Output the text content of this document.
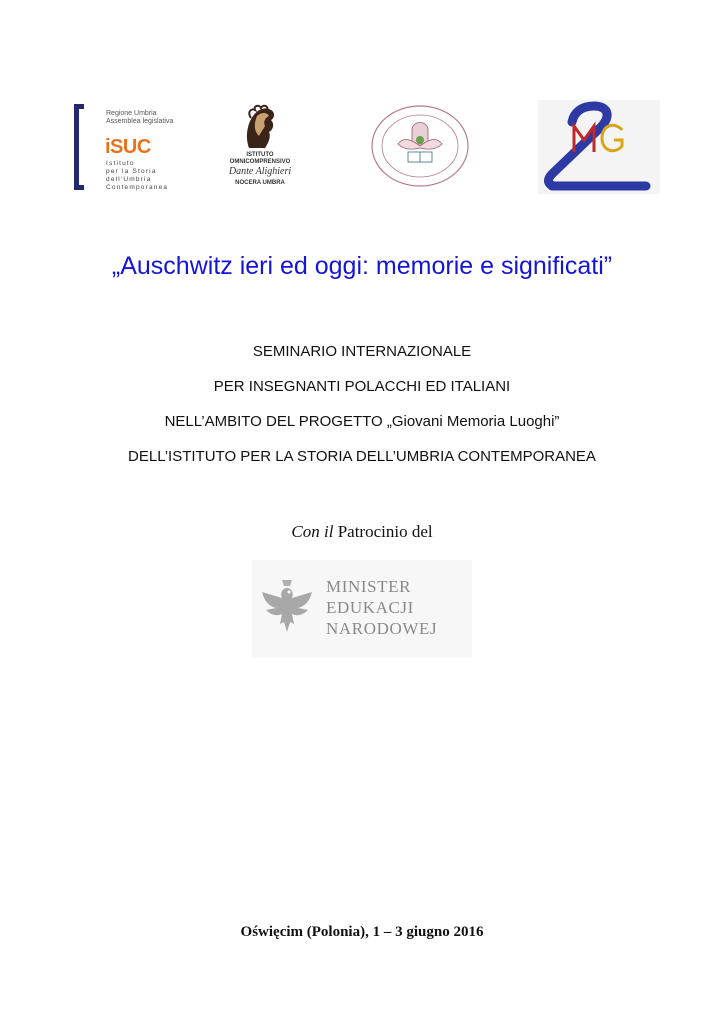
Regione Umbria
Assemblea legislativa
iSUC
Istituto
per la Storia
dell'Umbria
Contemporanea
ISTITUTO
OMNICOMPRENSIVO
Dante Alighieri
NOCERA UMBRA
„Auschwitz ieri ed oggi: memorie e significati”
SEMINARIO INTERNAZIONALE
PER INSEGNANTI POLACCHI ED ITALIANI
NELL’AMBITO DEL PROGETTO „Giovani Memoria Luoghi”
DELL’ISTITUTO PER LA STORIA DELL’UMBRIA CONTEMPORANEA
Con il Patrocinio del
MINISTER
EDUKACJI
NARODOWEJ
Oświęcim (Polonia), 1 – 3 giugno 2016
